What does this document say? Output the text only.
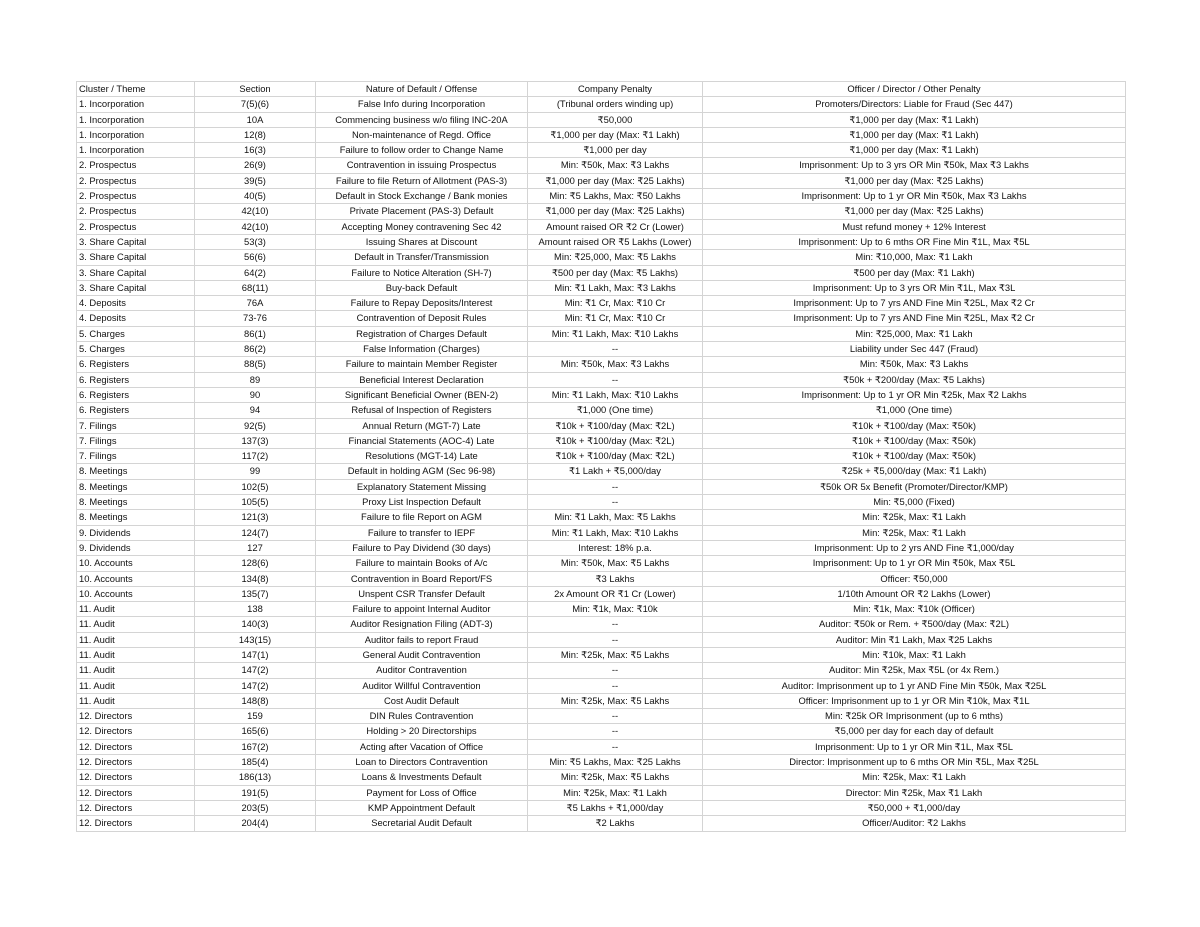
Cluster / Theme	Section	Nature of Default / Offense	Company Penalty	Officer / Director / Other Penalty
1. Incorporation	7(5)(6)	False Info during Incorporation	(Tribunal orders winding up)	Promoters/Directors: Liable for Fraud (Sec 447)
1. Incorporation	10A	Commencing business w/o filing INC-20A	₹50,000	₹1,000 per day (Max: ₹1 Lakh)
1. Incorporation	12(8)	Non-maintenance of Regd. Office	₹1,000 per day (Max: ₹1 Lakh)	₹1,000 per day (Max: ₹1 Lakh)
1. Incorporation	16(3)	Failure to follow order to Change Name	₹1,000 per day	₹1,000 per day (Max: ₹1 Lakh)
2. Prospectus	26(9)	Contravention in issuing Prospectus	Min: ₹50k, Max: ₹3 Lakhs	Imprisonment: Up to 3 yrs OR Min ₹50k, Max ₹3 Lakhs
2. Prospectus	39(5)	Failure to file Return of Allotment (PAS-3)	₹1,000 per day (Max: ₹25 Lakhs)	₹1,000 per day (Max: ₹25 Lakhs)
2. Prospectus	40(5)	Default in Stock Exchange / Bank monies	Min: ₹5 Lakhs, Max: ₹50 Lakhs	Imprisonment: Up to 1 yr OR Min ₹50k, Max ₹3 Lakhs
2. Prospectus	42(10)	Private Placement (PAS-3) Default	₹1,000 per day (Max: ₹25 Lakhs)	₹1,000 per day (Max: ₹25 Lakhs)
2. Prospectus	42(10)	Accepting Money contravening Sec 42	Amount raised OR ₹2 Cr (Lower)	Must refund money + 12% Interest
3. Share Capital	53(3)	Issuing Shares at Discount	Amount raised OR ₹5 Lakhs (Lower)	Imprisonment: Up to 6 mths OR Fine Min ₹1L, Max ₹5L
3. Share Capital	56(6)	Default in Transfer/Transmission	Min: ₹25,000, Max: ₹5 Lakhs	Min: ₹10,000, Max: ₹1 Lakh
3. Share Capital	64(2)	Failure to Notice Alteration (SH-7)	₹500 per day (Max: ₹5 Lakhs)	₹500 per day (Max: ₹1 Lakh)
3. Share Capital	68(11)	Buy-back Default	Min: ₹1 Lakh, Max: ₹3 Lakhs	Imprisonment: Up to 3 yrs OR Min ₹1L, Max ₹3L
4. Deposits	76A	Failure to Repay Deposits/Interest	Min: ₹1 Cr, Max: ₹10 Cr	Imprisonment: Up to 7 yrs AND Fine Min ₹25L, Max ₹2 Cr
4. Deposits	73-76	Contravention of Deposit Rules	Min: ₹1 Cr, Max: ₹10 Cr	Imprisonment: Up to 7 yrs AND Fine Min ₹25L, Max ₹2 Cr
5. Charges	86(1)	Registration of Charges Default	Min: ₹1 Lakh, Max: ₹10 Lakhs	Min: ₹25,000, Max: ₹1 Lakh
5. Charges	86(2)	False Information (Charges)	--	Liability under Sec 447 (Fraud)
6. Registers	88(5)	Failure to maintain Member Register	Min: ₹50k, Max: ₹3 Lakhs	Min: ₹50k, Max: ₹3 Lakhs
6. Registers	89	Beneficial Interest Declaration	--	₹50k + ₹200/day (Max: ₹5 Lakhs)
6. Registers	90	Significant Beneficial Owner (BEN-2)	Min: ₹1 Lakh, Max: ₹10 Lakhs	Imprisonment: Up to 1 yr OR Min ₹25k, Max ₹2 Lakhs
6. Registers	94	Refusal of Inspection of Registers	₹1,000 (One time)	₹1,000 (One time)
7. Filings	92(5)	Annual Return (MGT-7) Late	₹10k + ₹100/day (Max: ₹2L)	₹10k + ₹100/day (Max: ₹50k)
7. Filings	137(3)	Financial Statements (AOC-4) Late	₹10k + ₹100/day (Max: ₹2L)	₹10k + ₹100/day (Max: ₹50k)
7. Filings	117(2)	Resolutions (MGT-14) Late	₹10k + ₹100/day (Max: ₹2L)	₹10k + ₹100/day (Max: ₹50k)
8. Meetings	99	Default in holding AGM (Sec 96-98)	₹1 Lakh + ₹5,000/day	₹25k + ₹5,000/day (Max: ₹1 Lakh)
8. Meetings	102(5)	Explanatory Statement Missing	--	₹50k OR 5x Benefit (Promoter/Director/KMP)
8. Meetings	105(5)	Proxy List Inspection Default	--	Min: ₹5,000 (Fixed)
8. Meetings	121(3)	Failure to file Report on AGM	Min: ₹1 Lakh, Max: ₹5 Lakhs	Min: ₹25k, Max: ₹1 Lakh
9. Dividends	124(7)	Failure to transfer to IEPF	Min: ₹1 Lakh, Max: ₹10 Lakhs	Min: ₹25k, Max: ₹1 Lakh
9. Dividends	127	Failure to Pay Dividend (30 days)	Interest: 18% p.a.	Imprisonment: Up to 2 yrs AND Fine ₹1,000/day
10. Accounts	128(6)	Failure to maintain Books of A/c	Min: ₹50k, Max: ₹5 Lakhs	Imprisonment: Up to 1 yr OR Min ₹50k, Max ₹5L
10. Accounts	134(8)	Contravention in Board Report/FS	₹3 Lakhs	Officer: ₹50,000
10. Accounts	135(7)	Unspent CSR Transfer Default	2x Amount OR ₹1 Cr (Lower)	1/10th Amount OR ₹2 Lakhs (Lower)
11. Audit	138	Failure to appoint Internal Auditor	Min: ₹1k, Max: ₹10k	Min: ₹1k, Max: ₹10k (Officer)
11. Audit	140(3)	Auditor Resignation Filing (ADT-3)	--	Auditor: ₹50k or Rem. + ₹500/day (Max: ₹2L)
11. Audit	143(15)	Auditor fails to report Fraud	--	Auditor: Min ₹1 Lakh, Max ₹25 Lakhs
11. Audit	147(1)	General Audit Contravention	Min: ₹25k, Max: ₹5 Lakhs	Min: ₹10k, Max: ₹1 Lakh
11. Audit	147(2)	Auditor Contravention	--	Auditor: Min ₹25k, Max ₹5L (or 4x Rem.)
11. Audit	147(2)	Auditor Willful Contravention	--	Auditor: Imprisonment up to 1 yr AND Fine Min ₹50k, Max ₹25L
11. Audit	148(8)	Cost Audit Default	Min: ₹25k, Max: ₹5 Lakhs	Officer: Imprisonment up to 1 yr OR Min ₹10k, Max ₹1L
12. Directors	159	DIN Rules Contravention	--	Min: ₹25k OR Imprisonment (up to 6 mths)
12. Directors	165(6)	Holding > 20 Directorships	--	₹5,000 per day for each day of default
12. Directors	167(2)	Acting after Vacation of Office	--	Imprisonment: Up to 1 yr OR Min ₹1L, Max ₹5L
12. Directors	185(4)	Loan to Directors Contravention	Min: ₹5 Lakhs, Max: ₹25 Lakhs	Director: Imprisonment up to 6 mths OR Min ₹5L, Max ₹25L
12. Directors	186(13)	Loans & Investments Default	Min: ₹25k, Max: ₹5 Lakhs	Min: ₹25k, Max: ₹1 Lakh
12. Directors	191(5)	Payment for Loss of Office	Min: ₹25k, Max: ₹1 Lakh	Director: Min ₹25k, Max ₹1 Lakh
12. Directors	203(5)	KMP Appointment Default	₹5 Lakhs + ₹1,000/day	₹50,000 + ₹1,000/day
12. Directors	204(4)	Secretarial Audit Default	₹2 Lakhs	Officer/Auditor: ₹2 Lakhs
